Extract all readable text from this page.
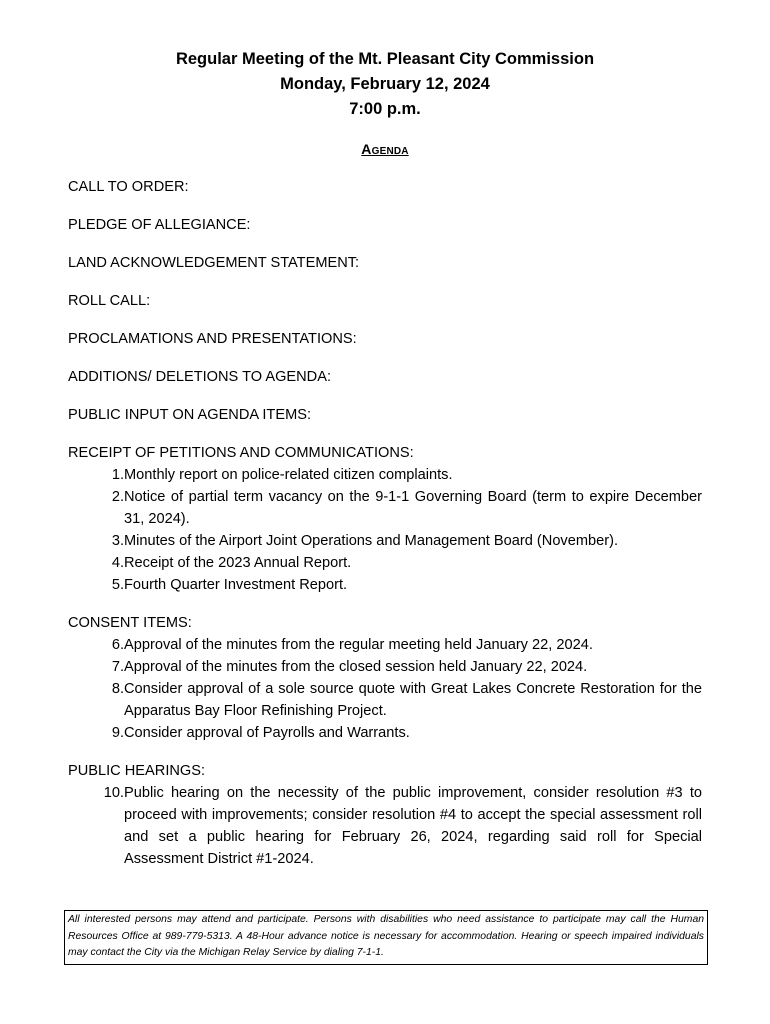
Regular Meeting of the Mt. Pleasant City Commission
Monday, February 12, 2024
7:00 p.m.
Agenda
CALL TO ORDER:
PLEDGE OF ALLEGIANCE:
LAND ACKNOWLEDGEMENT STATEMENT:
ROLL CALL:
PROCLAMATIONS AND PRESENTATIONS:
ADDITIONS/ DELETIONS TO AGENDA:
PUBLIC INPUT ON AGENDA ITEMS:
RECEIPT OF PETITIONS AND COMMUNICATIONS:
1. Monthly report on police-related citizen complaints.
2. Notice of partial term vacancy on the 9-1-1 Governing Board (term to expire December 31, 2024).
3. Minutes of the Airport Joint Operations and Management Board (November).
4. Receipt of the 2023 Annual Report.
5. Fourth Quarter Investment Report.
CONSENT ITEMS:
6. Approval of the minutes from the regular meeting held January 22, 2024.
7. Approval of the minutes from the closed session held January 22, 2024.
8. Consider approval of a sole source quote with Great Lakes Concrete Restoration for the Apparatus Bay Floor Refinishing Project.
9. Consider approval of Payrolls and Warrants.
PUBLIC HEARINGS:
10. Public hearing on the necessity of the public improvement, consider resolution #3 to proceed with improvements; consider resolution #4 to accept the special assessment roll and set a public hearing for February 26, 2024, regarding said roll for Special Assessment District #1-2024.
All interested persons may attend and participate. Persons with disabilities who need assistance to participate may call the Human Resources Office at 989-779-5313. A 48-Hour advance notice is necessary for accommodation. Hearing or speech impaired individuals may contact the City via the Michigan Relay Service by dialing 7-1-1.
